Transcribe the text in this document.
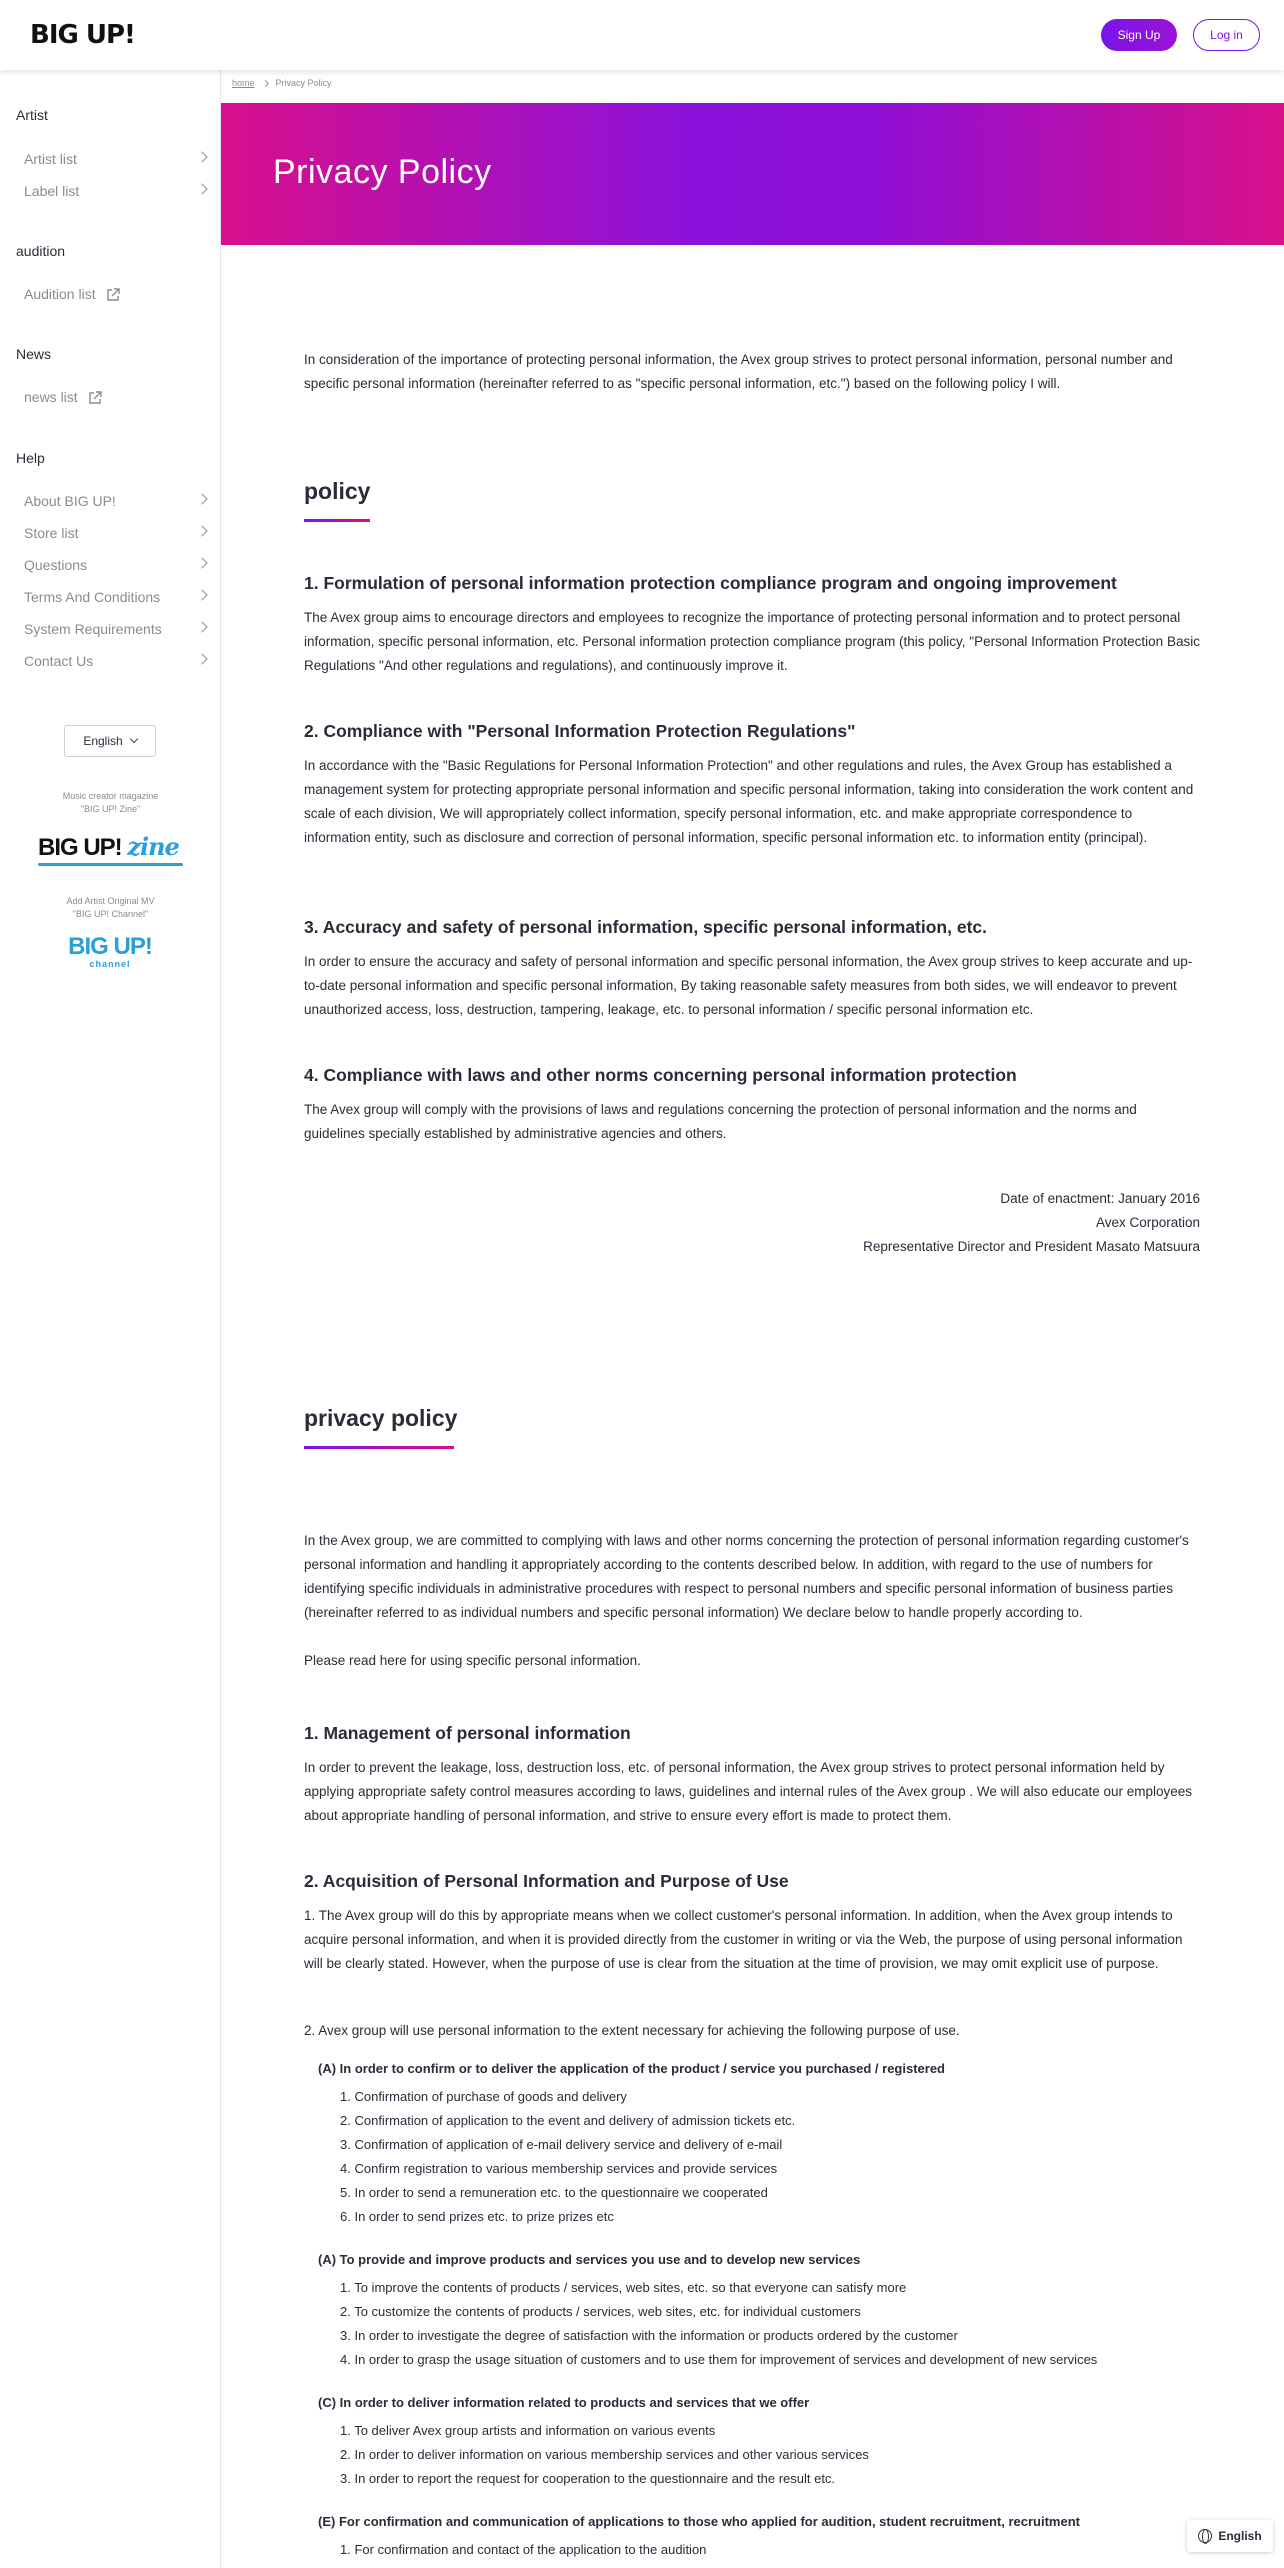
BIG UP!	Sign Up	Log in
Artist
Artist list
Label list
audition
Audition list
News
news list
Help
About BIG UP!
Store list
Questions
Terms And Conditions
System Requirements
Contact Us
English
Music creator magazine
"BIG UP! Zine"
BIG UP! zine
Add Artist Original MV
"BIG UP! Channel"
BIG UP!
channel
home Privacy Policy
Privacy Policy
In consideration of the importance of protecting personal information, the Avex group strives to protect personal information, personal number and specific personal information (hereinafter referred to as "specific personal information, etc.") based on the following policy I will.
policy
1. Formulation of personal information protection compliance program and ongoing improvement
The Avex group aims to encourage directors and employees to recognize the importance of protecting personal information and to protect personal information, specific personal information, etc. Personal information protection compliance program (this policy, "Personal Information Protection Basic Regulations "And other regulations and regulations), and continuously improve it.
2. Compliance with "Personal Information Protection Regulations"
In accordance with the "Basic Regulations for Personal Information Protection" and other regulations and rules, the Avex Group has established a management system for protecting appropriate personal information and specific personal information, taking into consideration the work content and scale of each division, We will appropriately collect information, specify personal information, etc. and make appropriate correspondence to information entity, such as disclosure and correction of personal information, specific personal information etc. to information entity (principal).
3. Accuracy and safety of personal information, specific personal information, etc.
In order to ensure the accuracy and safety of personal information and specific personal information, the Avex group strives to keep accurate and up-to-date personal information and specific personal information, By taking reasonable safety measures from both sides, we will endeavor to prevent unauthorized access, loss, destruction, tampering, leakage, etc. to personal information / specific personal information etc.
4. Compliance with laws and other norms concerning personal information protection
The Avex group will comply with the provisions of laws and regulations concerning the protection of personal information and the norms and guidelines specially established by administrative agencies and others.
Date of enactment: January 2016
Avex Corporation
Representative Director and President Masato Matsuura
privacy policy
In the Avex group, we are committed to complying with laws and other norms concerning the protection of personal information regarding customer's personal information and handling it appropriately according to the contents described below. In addition, with regard to the use of numbers for identifying specific individuals in administrative procedures with respect to personal numbers and specific personal information of business parties (hereinafter referred to as individual numbers and specific personal information) We declare below to handle properly according to.
Please read here for using specific personal information.
1. Management of personal information
In order to prevent the leakage, loss, destruction loss, etc. of personal information, the Avex group strives to protect personal information held by applying appropriate safety control measures according to laws, guidelines and internal rules of the Avex group . We will also educate our employees about appropriate handling of personal information, and strive to ensure every effort is made to protect them.
2. Acquisition of Personal Information and Purpose of Use
1. The Avex group will do this by appropriate means when we collect customer's personal information. In addition, when the Avex group intends to acquire personal information, and when it is provided directly from the customer in writing or via the Web, the purpose of using personal information will be clearly stated. However, when the purpose of use is clear from the situation at the time of provision, we may omit explicit use of purpose.
2. Avex group will use personal information to the extent necessary for achieving the following purpose of use.
(A) In order to confirm or to deliver the application of the product / service you purchased / registered
1. Confirmation of purchase of goods and delivery
2. Confirmation of application to the event and delivery of admission tickets etc.
3. Confirmation of application of e-mail delivery service and delivery of e-mail
4. Confirm registration to various membership services and provide services
5. In order to send a remuneration etc. to the questionnaire we cooperated
6. In order to send prizes etc. to prize prizes etc
(A) To provide and improve products and services you use and to develop new services
1. To improve the contents of products / services, web sites, etc. so that everyone can satisfy more
2. To customize the contents of products / services, web sites, etc. for individual customers
3. In order to investigate the degree of satisfaction with the information or products ordered by the customer
4. In order to grasp the usage situation of customers and to use them for improvement of services and development of new services
(C) In order to deliver information related to products and services that we offer
1. To deliver Avex group artists and information on various events
2. In order to deliver information on various membership services and other various services
3. In order to report the request for cooperation to the questionnaire and the result etc.
(E) For confirmation and communication of applications to those who applied for audition, student recruitment, recruitment
1. For confirmation and contact of the application to the audition
English
